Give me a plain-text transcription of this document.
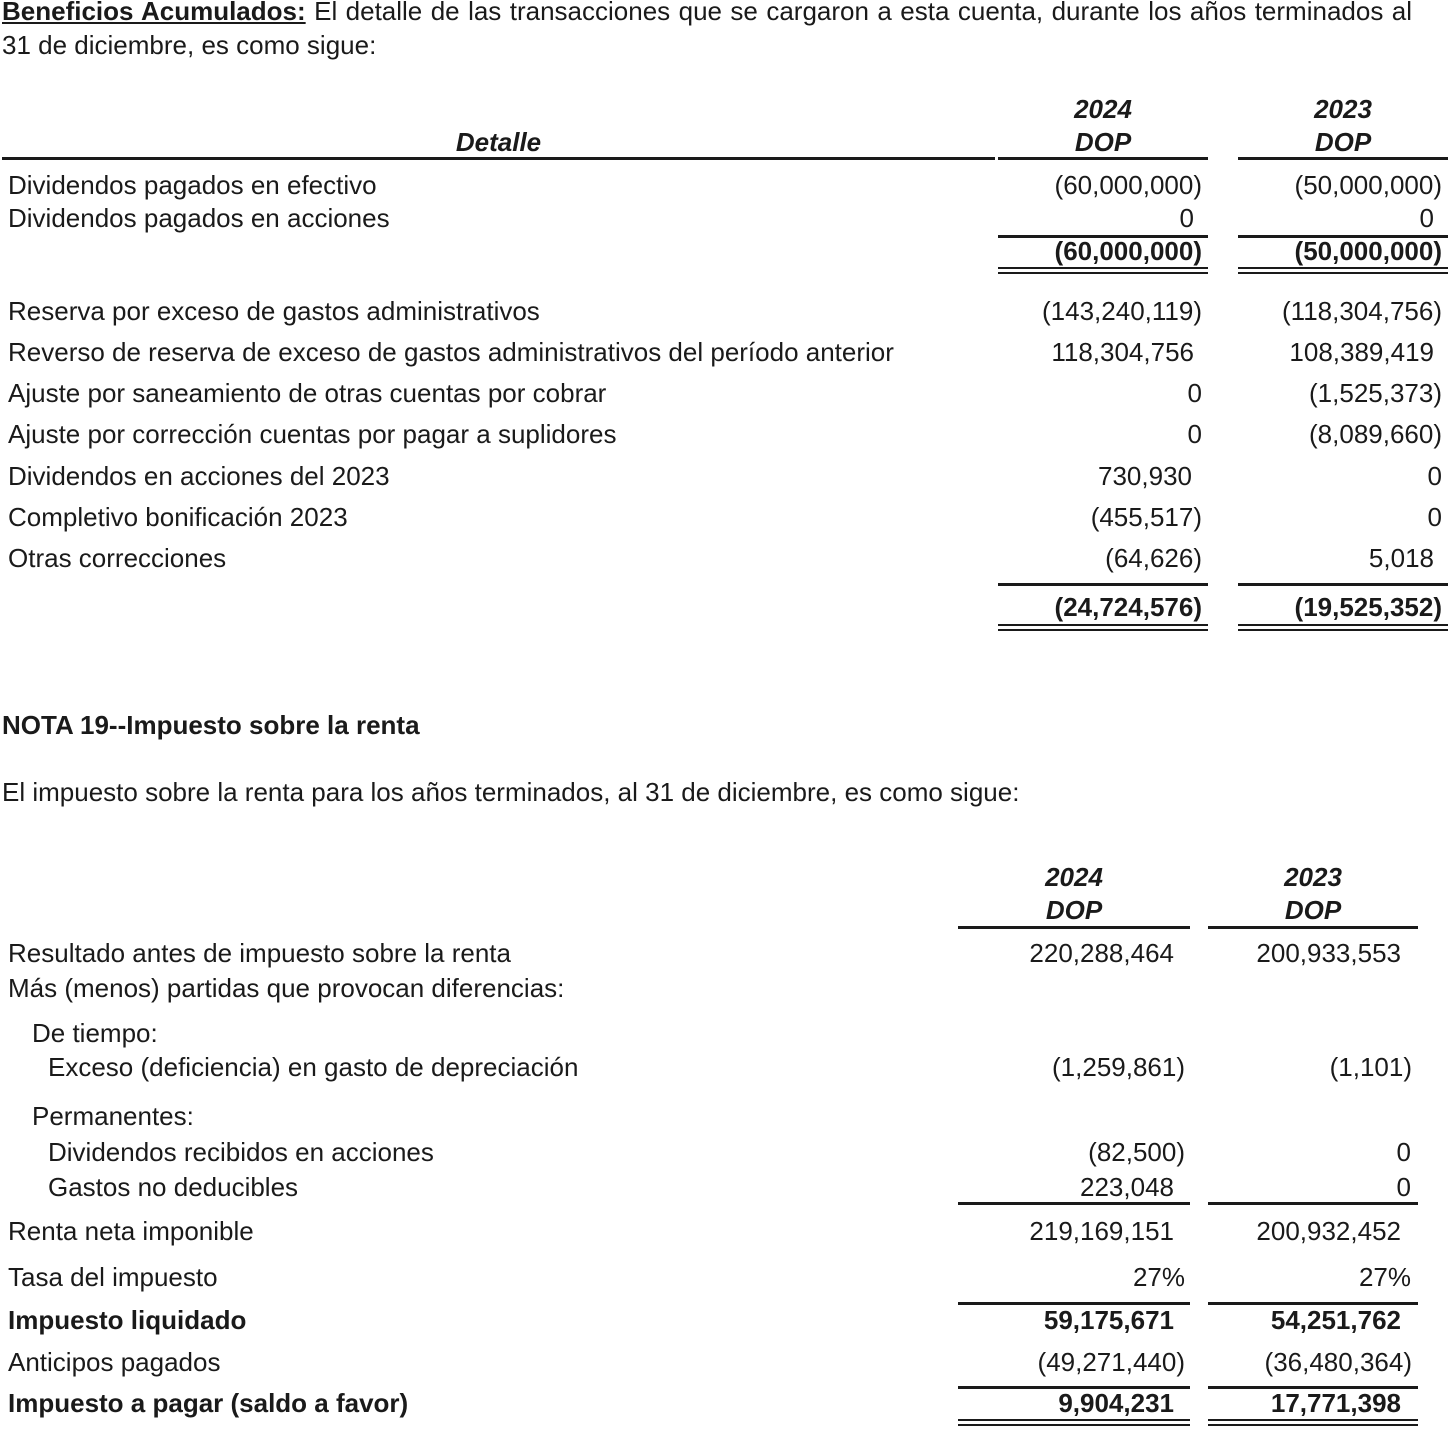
Beneficios Acumulados: El detalle de las transacciones que se cargaron a esta cuenta, durante los años terminados al 31 de diciembre, es como sigue:
Detalle
2024
DOP
2023
DOP
Dividendos pagados en efectivo	(60,000,000)	(50,000,000)
Dividendos pagados en acciones	0	0
(60,000,000)	(50,000,000)
Reserva por exceso de gastos administrativos	(143,240,119)	(118,304,756)
Reverso de reserva de exceso de gastos administrativos del período anterior	118,304,756	108,389,419
Ajuste por saneamiento de otras cuentas por cobrar	0	(1,525,373)
Ajuste por corrección cuentas por pagar a suplidores	0	(8,089,660)
Dividendos en acciones del 2023	730,930	0
Completivo bonificación 2023	(455,517)	0
Otras correcciones	(64,626)	5,018
(24,724,576)	(19,525,352)
NOTA 19--Impuesto sobre la renta
El impuesto sobre la renta para los años terminados, al 31 de diciembre, es como sigue:
2024
DOP
2023
DOP
Resultado antes de impuesto sobre la renta	220,288,464	200,933,553
Más (menos) partidas que provocan diferencias:
De tiempo:
Exceso (deficiencia) en gasto de depreciación	(1,259,861)	(1,101)
Permanentes:
Dividendos recibidos en acciones	(82,500)	0
Gastos no deducibles	223,048	0
Renta neta imponible	219,169,151	200,932,452
Tasa del impuesto	27%	27%
Impuesto liquidado	59,175,671	54,251,762
Anticipos pagados	(49,271,440)	(36,480,364)
Impuesto a pagar (saldo a favor)	9,904,231	17,771,398
